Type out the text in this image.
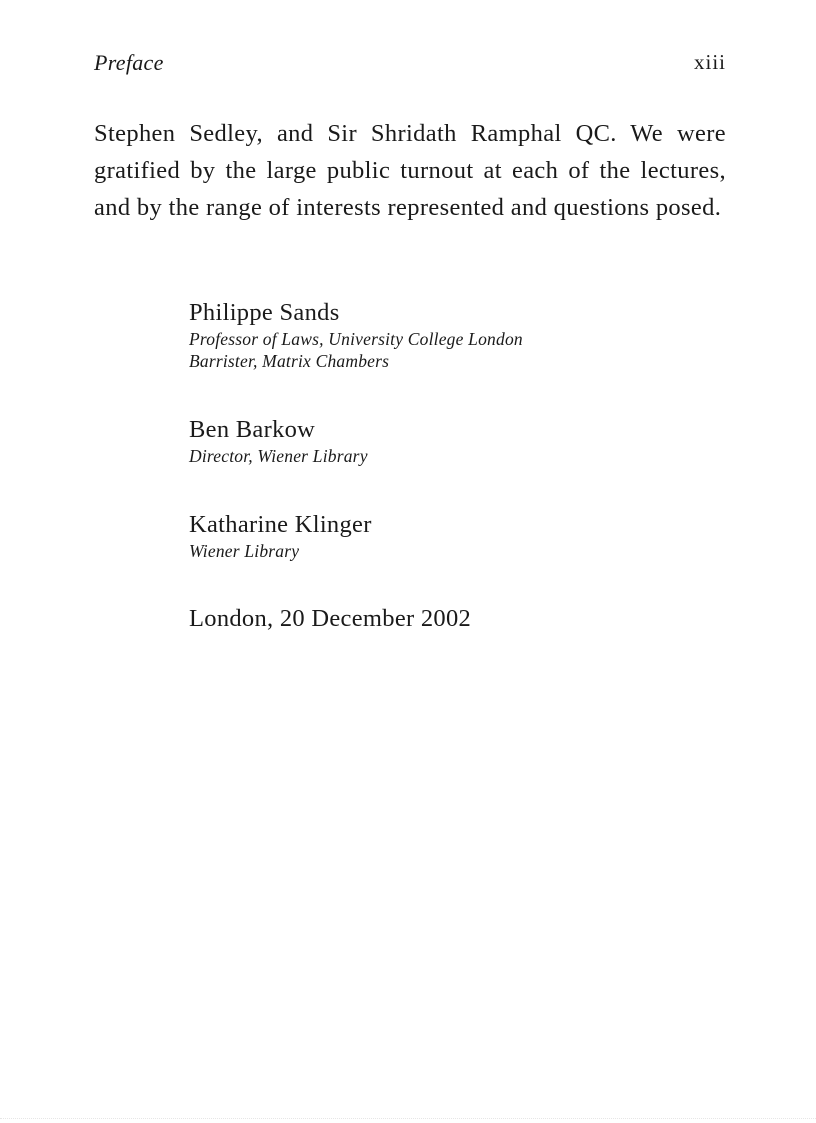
Preface	xiii

Stephen Sedley, and Sir Shridath Ramphal QC. We were gratified by the large public turnout at each of the lectures, and by the range of interests represented and questions posed.

Philippe Sands
Professor of Laws, University College London
Barrister, Matrix Chambers
Ben Barkow
Director, Wiener Library
Katharine Klinger
Wiener Library
London, 20 December 2002
